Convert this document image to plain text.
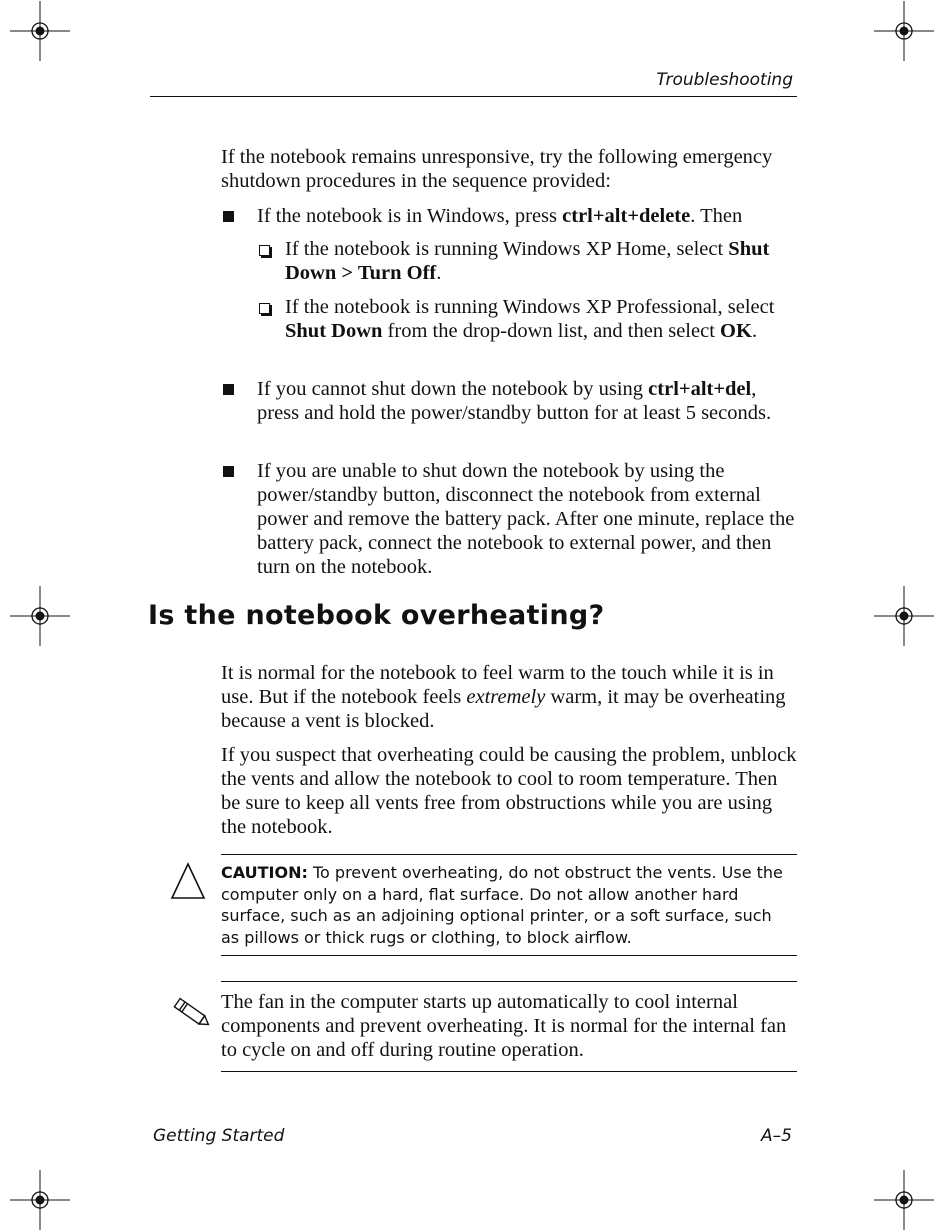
Troubleshooting
If the notebook remains unresponsive, try the following emergency shutdown procedures in the sequence provided:
If the notebook is in Windows, press ctrl+alt+delete. Then
If the notebook is running Windows XP Home, select Shut Down > Turn Off.
If the notebook is running Windows XP Professional, select Shut Down from the drop-down list, and then select OK.
If you cannot shut down the notebook by using ctrl+alt+del, press and hold the power/standby button for at least 5 seconds.
If you are unable to shut down the notebook by using the power/standby button, disconnect the notebook from external power and remove the battery pack. After one minute, replace the battery pack, connect the notebook to external power, and then turn on the notebook.
Is the notebook overheating?
It is normal for the notebook to feel warm to the touch while it is in use. But if the notebook feels extremely warm, it may be overheating because a vent is blocked.
If you suspect that overheating could be causing the problem, unblock the vents and allow the notebook to cool to room temperature. Then be sure to keep all vents free from obstructions while you are using the notebook.
CAUTION: To prevent overheating, do not obstruct the vents. Use the computer only on a hard, flat surface. Do not allow another hard surface, such as an adjoining optional printer, or a soft surface, such as pillows or thick rugs or clothing, to block airflow.
The fan in the computer starts up automatically to cool internal components and prevent overheating. It is normal for the internal fan to cycle on and off during routine operation.
Getting Started	A–5
